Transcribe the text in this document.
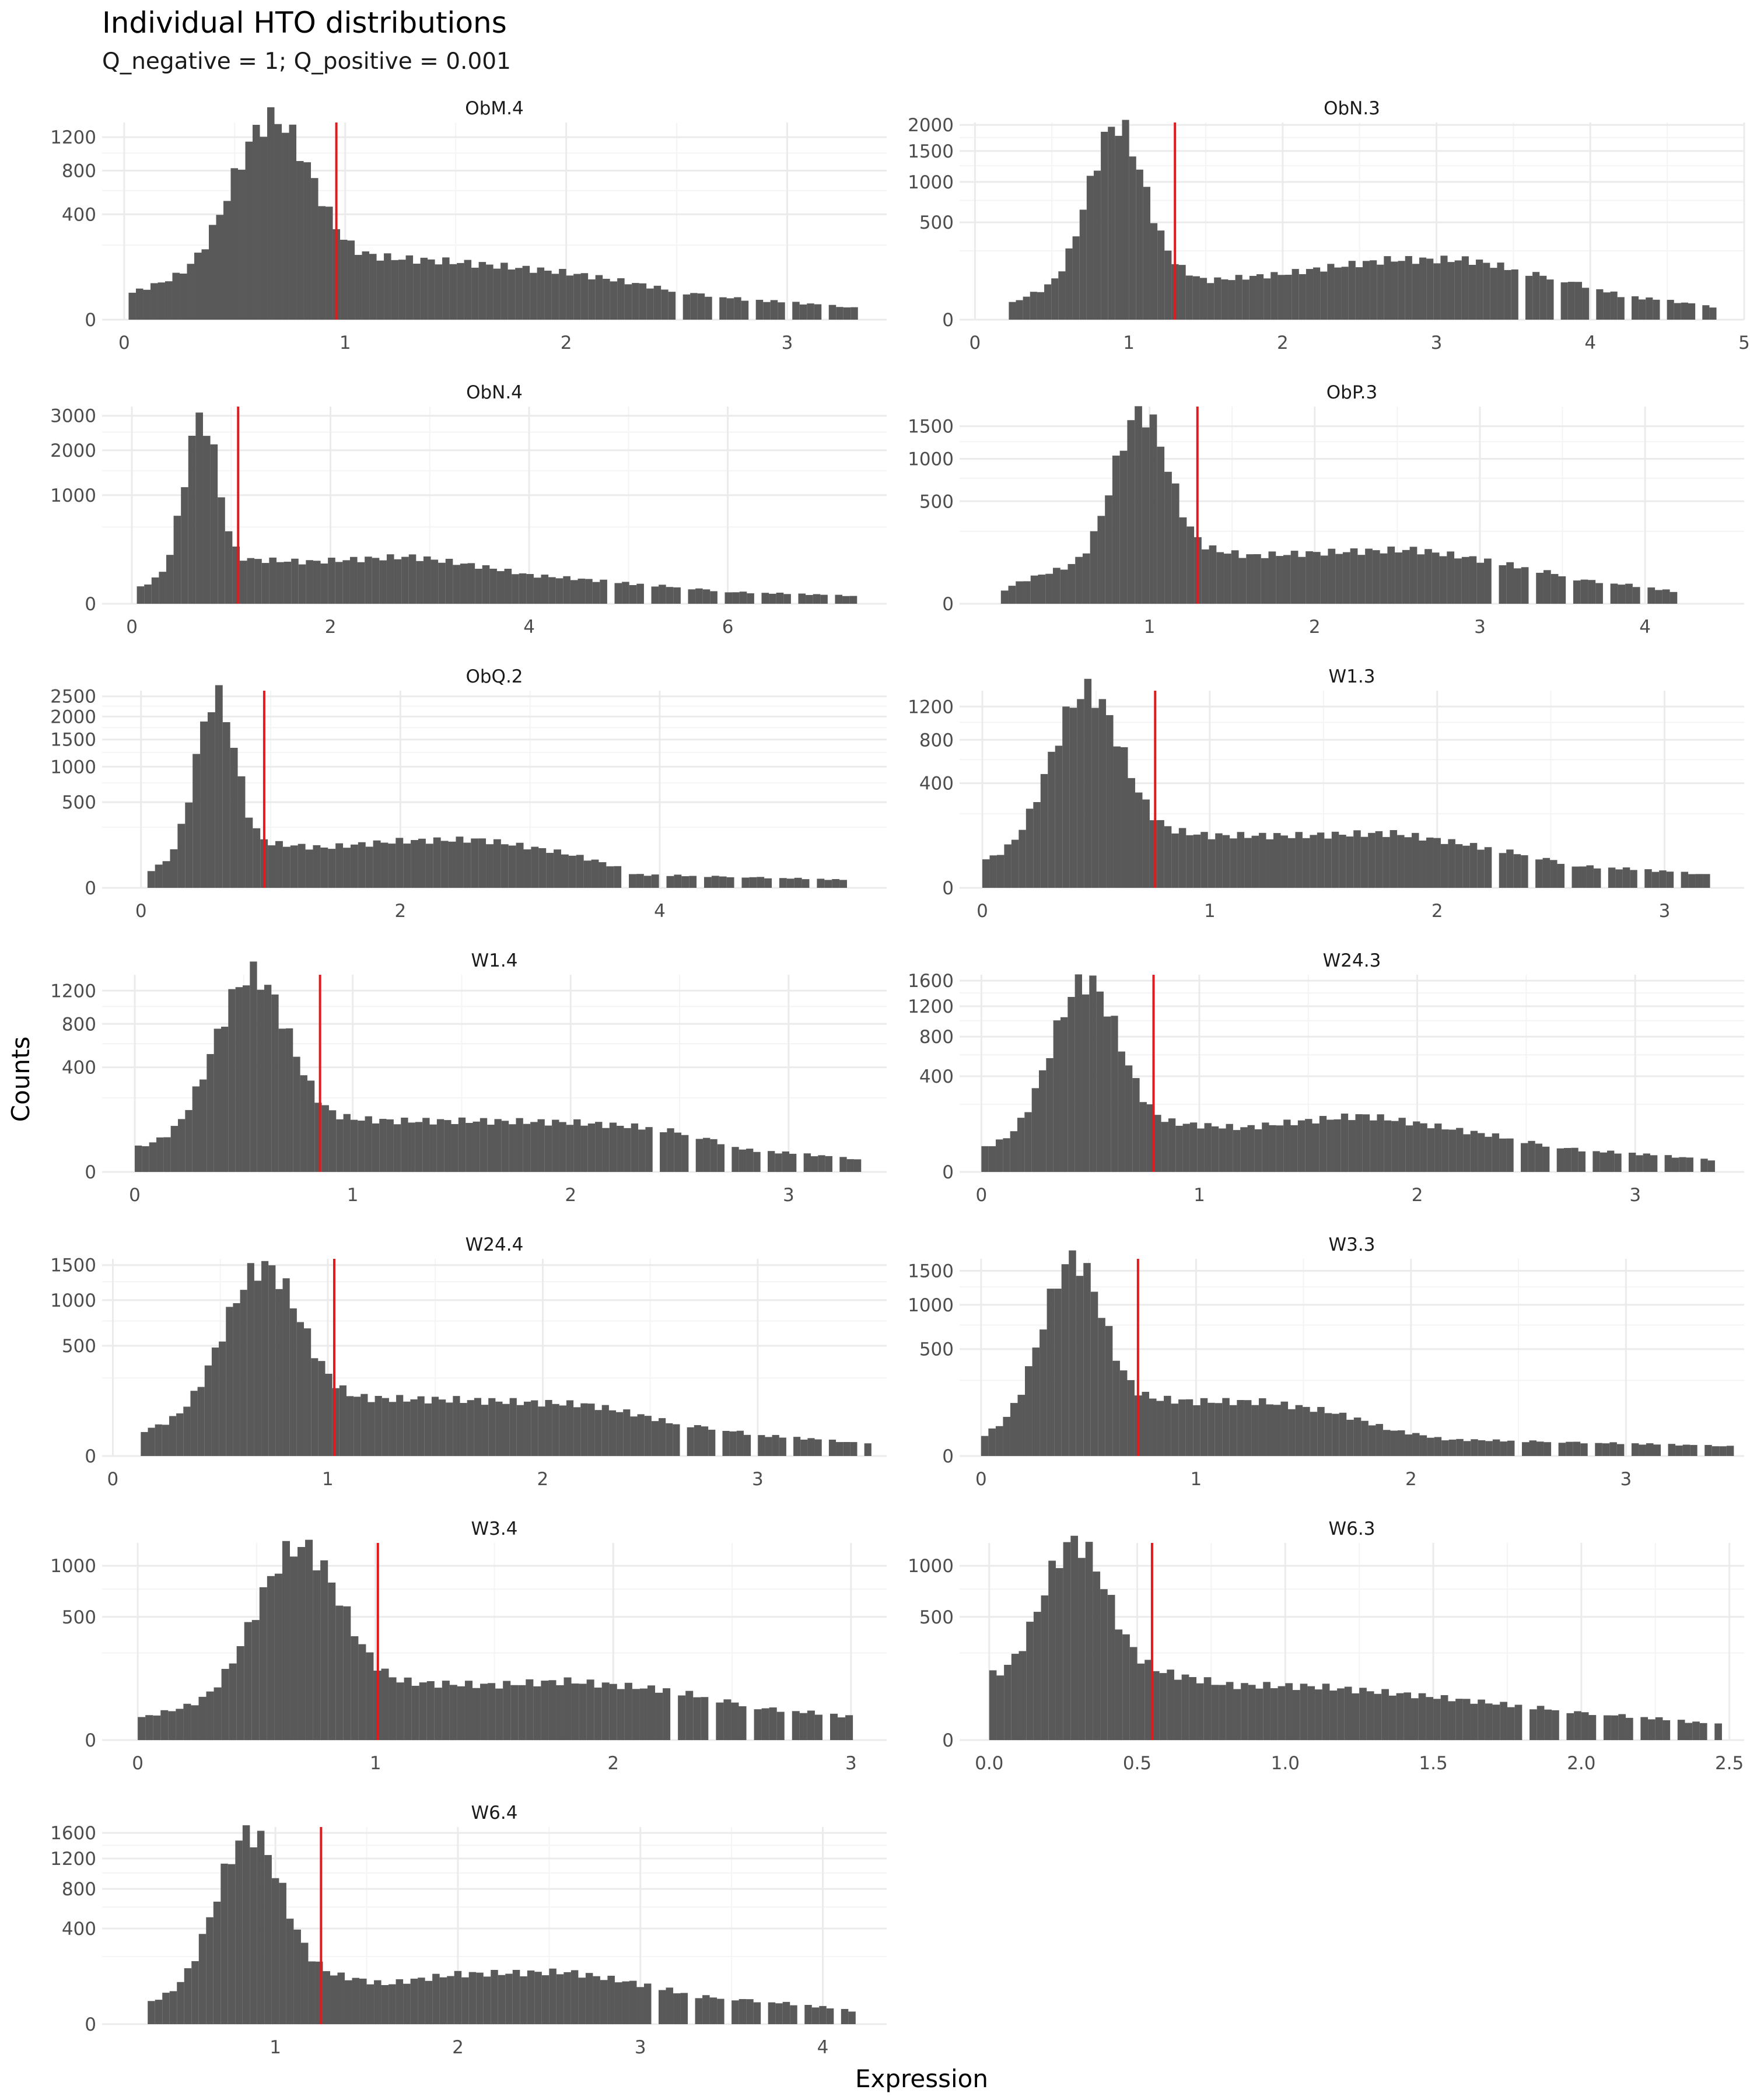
Individual HTO distributions
Q_negative = 1; Q_positive = 0.001
Expression
Counts
ObM.4
0
400
800
1200
0	1	2	3
ObN.3
0
500
1000
1500
2000
0	1	2	3	4	5
ObN.4
0
1000
2000
3000
0	2	4	6
ObP.3
0
500
1000
1500
1	2	3	4
ObQ.2
0
500
1000
1500
2000
2500
0	2	4
W1.3
0
400
800
1200
0	1	2	3
W1.4
0
400
800
1200
0	1	2	3
W24.3
0
400
800
1200
1600
0	1	2	3
W24.4
0
500
1000
1500
0	1	2	3
W3.3
0
500
1000
1500
0	1	2	3
W3.4
0
500
1000
0	1	2	3
W6.3
0
500
1000
0.0	0.5	1.0	1.5	2.0	2.5
W6.4
0
400
800
1200
1600
1	2	3	4
